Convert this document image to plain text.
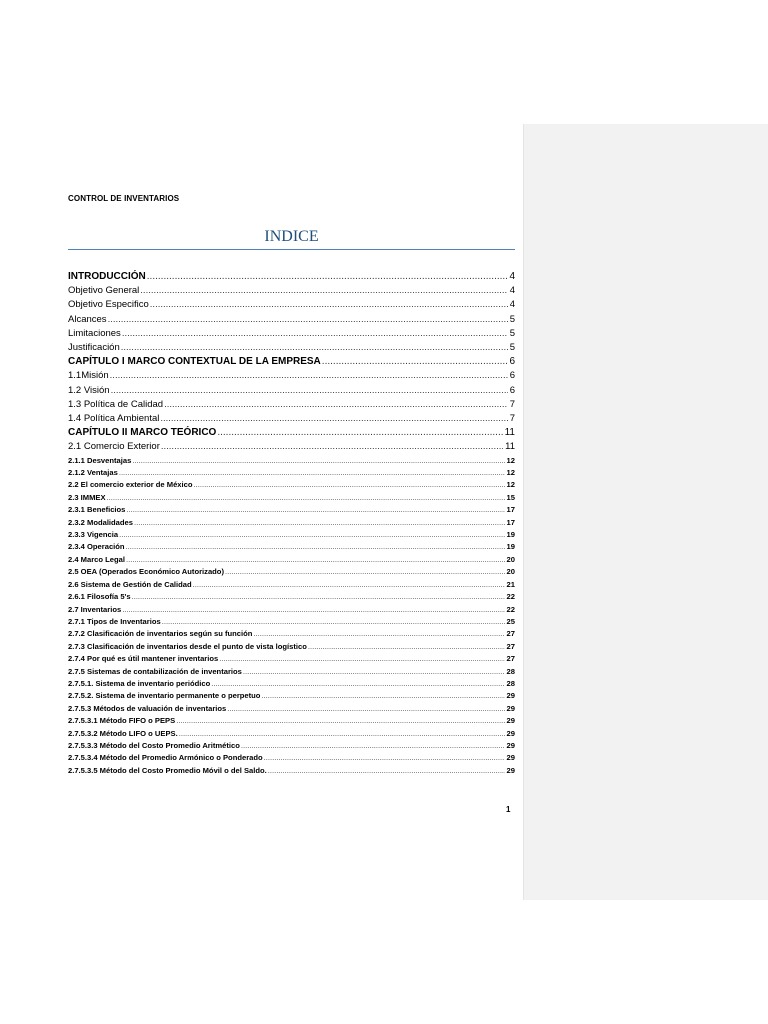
CONTROL DE INVENTARIOS
INDICE
INTRODUCCIÓN .....	4
Objetivo General .....	4
Objetivo Especifico .....	4
Alcances .....	5
Limitaciones .....	5
Justificación .....	5
CAPÍTULO I MARCO CONTEXTUAL DE LA EMPRESA .....	6
1.1Misión .....	6
1.2 Visión .....	6
1.3 Política de Calidad .....	7
1.4 Política Ambiental .....	7
CAPÍTULO II MARCO TEÓRICO .....	11
2.1 Comercio Exterior .....	11
2.1.1 Desventajas .....	12
2.1.2 Ventajas .....	12
2.2 El comercio exterior de México .....	12
2.3 IMMEX .....	15
2.3.1 Beneficios .....	17
2.3.2 Modalidades .....	17
2.3.3 Vigencia .....	19
2.3.4 Operación .....	19
2.4 Marco Legal .....	20
2.5 OEA (Operados Económico Autorizado) .....	20
2.6 Sistema de Gestión de Calidad .....	21
2.6.1 Filosofía 5's .....	22
2.7 Inventarios .....	22
2.7.1 Tipos de Inventarios .....	25
2.7.2 Clasificación de inventarios según su función .....	27
2.7.3 Clasificación de inventarios desde el punto de vista logístico .....	27
2.7.4 Por qué es útil mantener inventarios .....	27
2.7.5 Sistemas de contabilización de inventarios .....	28
2.7.5.1. Sistema de inventario periódico .....	28
2.7.5.2. Sistema de inventario permanente o perpetuo .....	29
2.7.5.3 Métodos de valuación de inventarios .....	29
2.7.5.3.1 Método FIFO o PEPS .....	29
2.7.5.3.2 Método LIFO o UEPS. .....	29
2.7.5.3.3 Método del Costo Promedio Aritmético .....	29
2.7.5.3.4 Método del Promedio Armónico o Ponderado .....	29
2.7.5.3.5 Método del Costo Promedio Móvil o del Saldo. .....	29
1
